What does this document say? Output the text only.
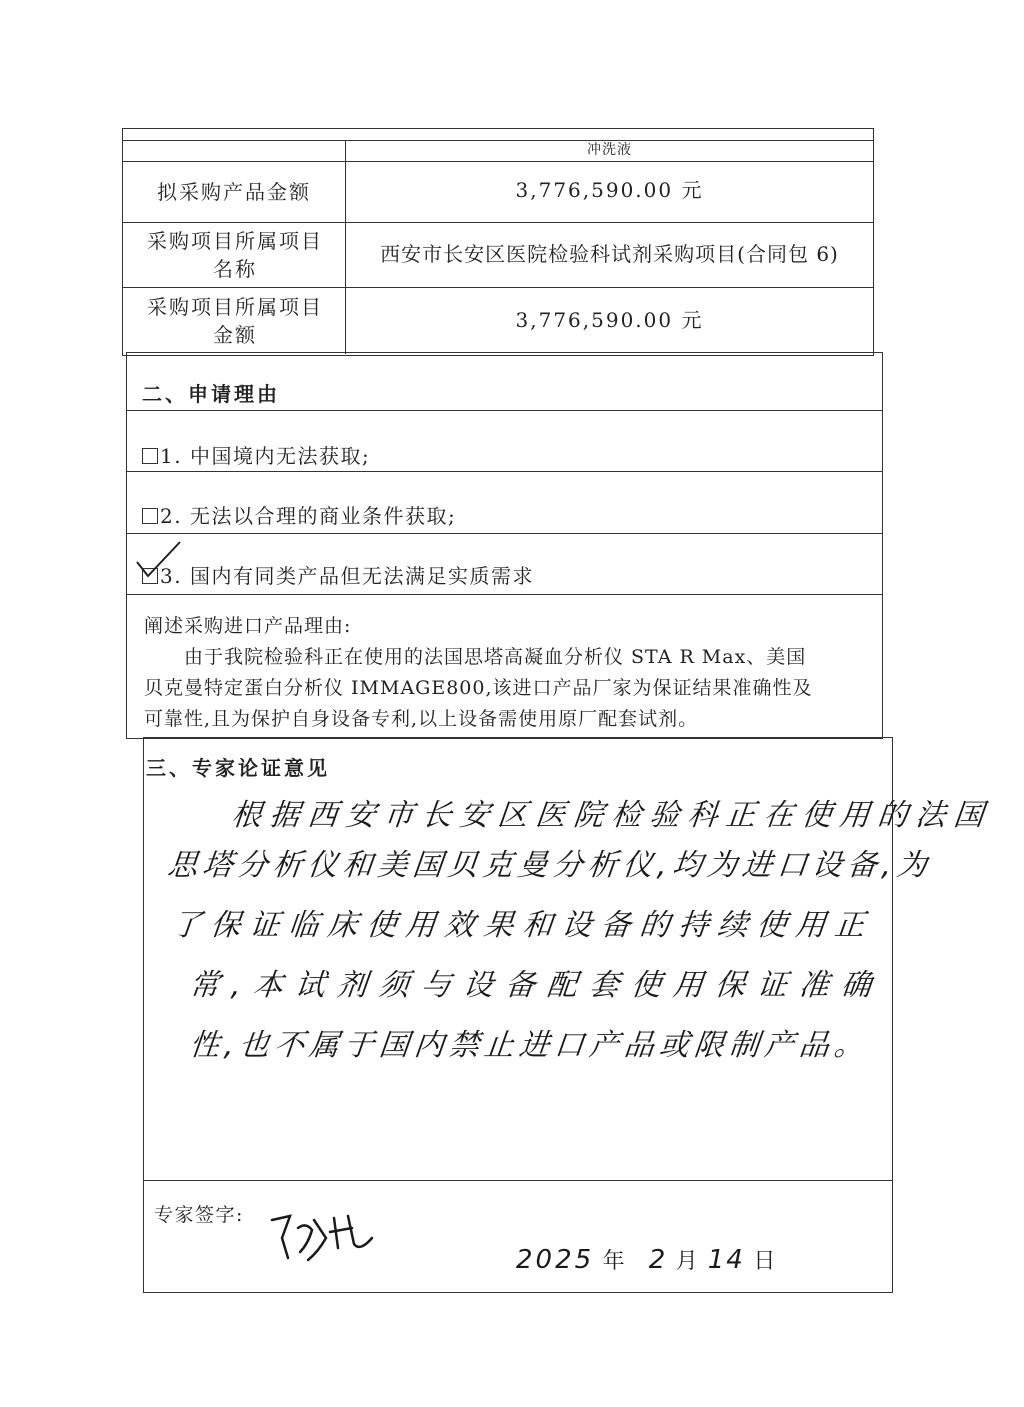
冲洗液
拟采购产品金额	3,776,590.00 元
采购项目所属项目名称
西安市长安区医院检验科试剂采购项目(合同包 6)
采购项目所属项目金额
3,776,590.00 元
二、申请理由
1. 中国境内无法获取;
2. 无法以合理的商业条件获取;
3. 国内有同类产品但无法满足实质需求
阐述采购进口产品理由:
由于我院检验科正在使用的法国思塔高凝血分析仪 STA R Max、美国
贝克曼特定蛋白分析仪 IMMAGE800,该进口产品厂家为保证结果准确性及
可靠性,且为保护自身设备专利,以上设备需使用原厂配套试剂。
三、专家论证意见
根据西安市长安区医院检验科正在使用的法国
思塔分析仪和美国贝克曼分析仪,均为进口设备,为
了保证临床使用效果和设备的持续使用正
常,本试剂须与设备配套使用保证准确
性,也不属于国内禁止进口产品或限制产品。
专家签字:
2025 年 2 月 14 日
